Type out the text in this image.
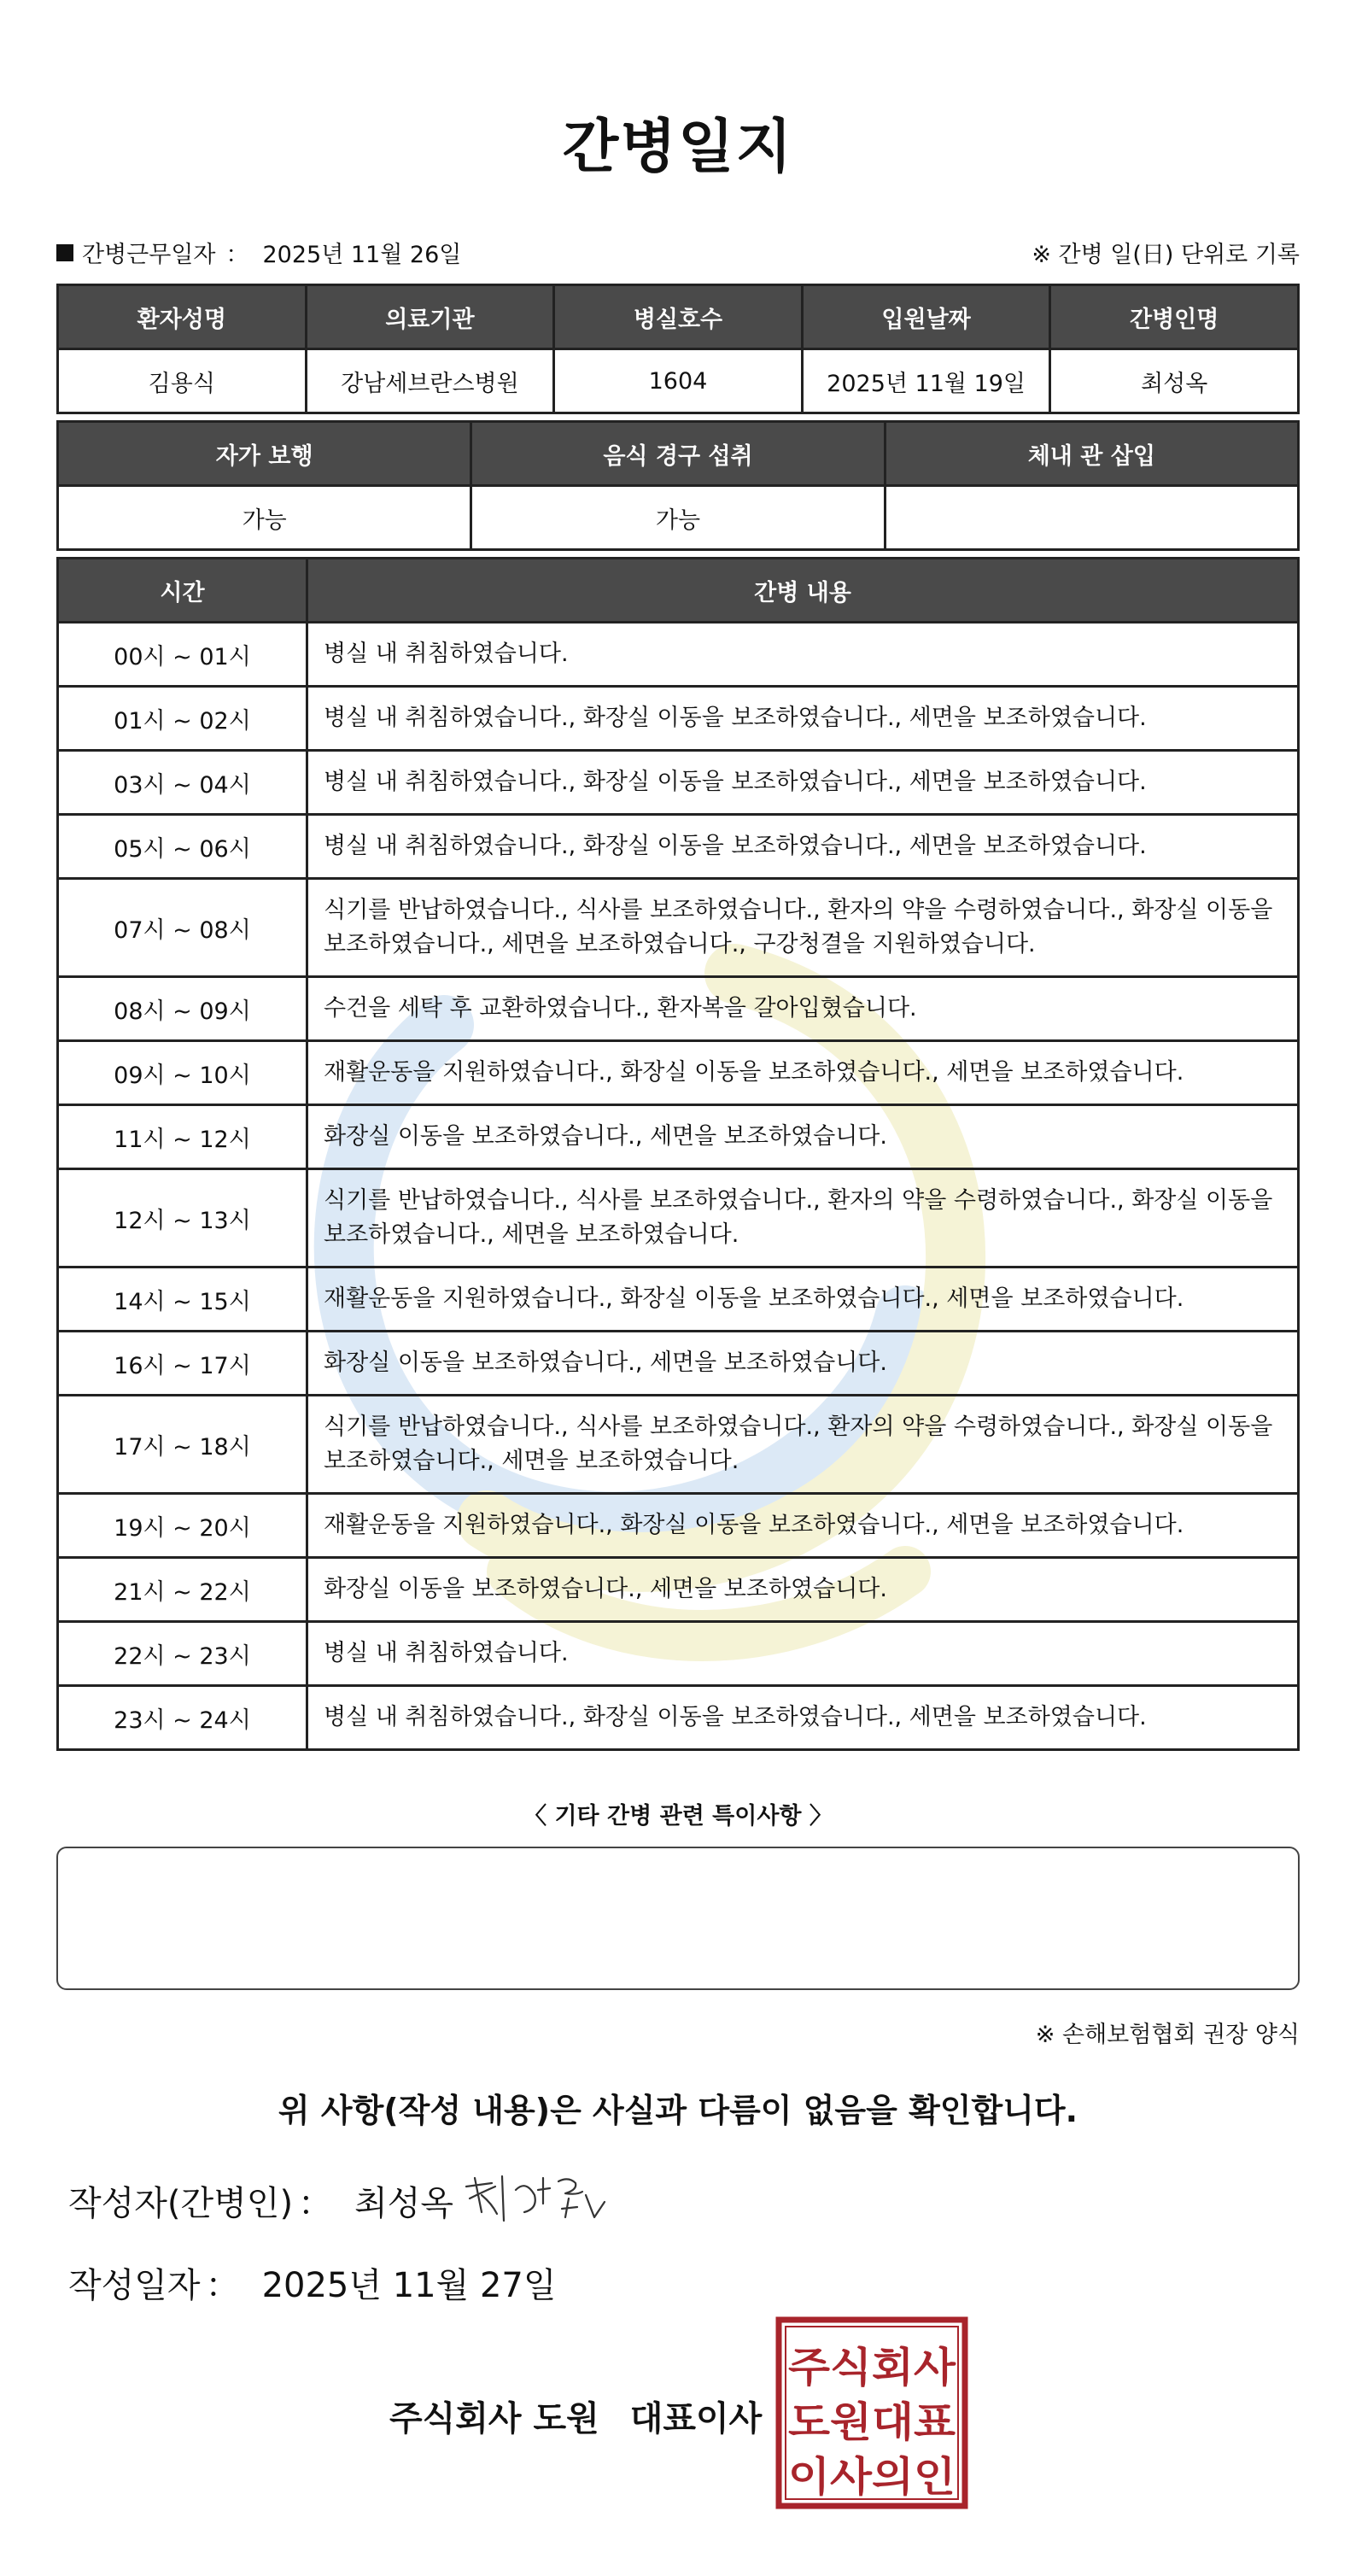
간병일지
간병근무일자 ： 2025년 11월 26일	※ 간병 일(日) 단위로 기록
환자성명	의료기관	병실호수	입원날짜	간병인명
김용식	강남세브란스병원	1604	2025년 11월 19일	최성옥
자가 보행	음식 경구 섭취	체내 관 삽입
가능	가능	
시간	간병 내용
00시 ~ 01시	병실 내 취침하였습니다.
01시 ~ 02시	병실 내 취침하였습니다., 화장실 이동을 보조하였습니다., 세면을 보조하였습니다.
03시 ~ 04시	병실 내 취침하였습니다., 화장실 이동을 보조하였습니다., 세면을 보조하였습니다.
05시 ~ 06시	병실 내 취침하였습니다., 화장실 이동을 보조하였습니다., 세면을 보조하였습니다.
07시 ~ 08시	식기를 반납하였습니다., 식사를 보조하였습니다., 환자의 약을 수령하였습니다., 화장실 이동을 보조하였습니다., 세면을 보조하였습니다., 구강청결을 지원하였습니다.
08시 ~ 09시	수건을 세탁 후 교환하였습니다., 환자복을 갈아입혔습니다.
09시 ~ 10시	재활운동을 지원하였습니다., 화장실 이동을 보조하였습니다., 세면을 보조하였습니다.
11시 ~ 12시	화장실 이동을 보조하였습니다., 세면을 보조하였습니다.
12시 ~ 13시	식기를 반납하였습니다., 식사를 보조하였습니다., 환자의 약을 수령하였습니다., 화장실 이동을 보조하였습니다., 세면을 보조하였습니다.
14시 ~ 15시	재활운동을 지원하였습니다., 화장실 이동을 보조하였습니다., 세면을 보조하였습니다.
16시 ~ 17시	화장실 이동을 보조하였습니다., 세면을 보조하였습니다.
17시 ~ 18시	식기를 반납하였습니다., 식사를 보조하였습니다., 환자의 약을 수령하였습니다., 화장실 이동을 보조하였습니다., 세면을 보조하였습니다.
19시 ~ 20시	재활운동을 지원하였습니다., 화장실 이동을 보조하였습니다., 세면을 보조하였습니다.
21시 ~ 22시	화장실 이동을 보조하였습니다., 세면을 보조하였습니다.
22시 ~ 23시	병실 내 취침하였습니다.
23시 ~ 24시	병실 내 취침하였습니다., 화장실 이동을 보조하였습니다., 세면을 보조하였습니다.
〈 기타 간병 관련 특이사항 〉
※ 손해보험협회 권장 양식
위 사항(작성 내용)은 사실과 다름이 없음을 확인합니다.
작성자(간병인) ： 최성옥
작성일자 ： 2025년 11월 27일
주식회사 도원 대표이사
주식회사
도원대표
이사의인
